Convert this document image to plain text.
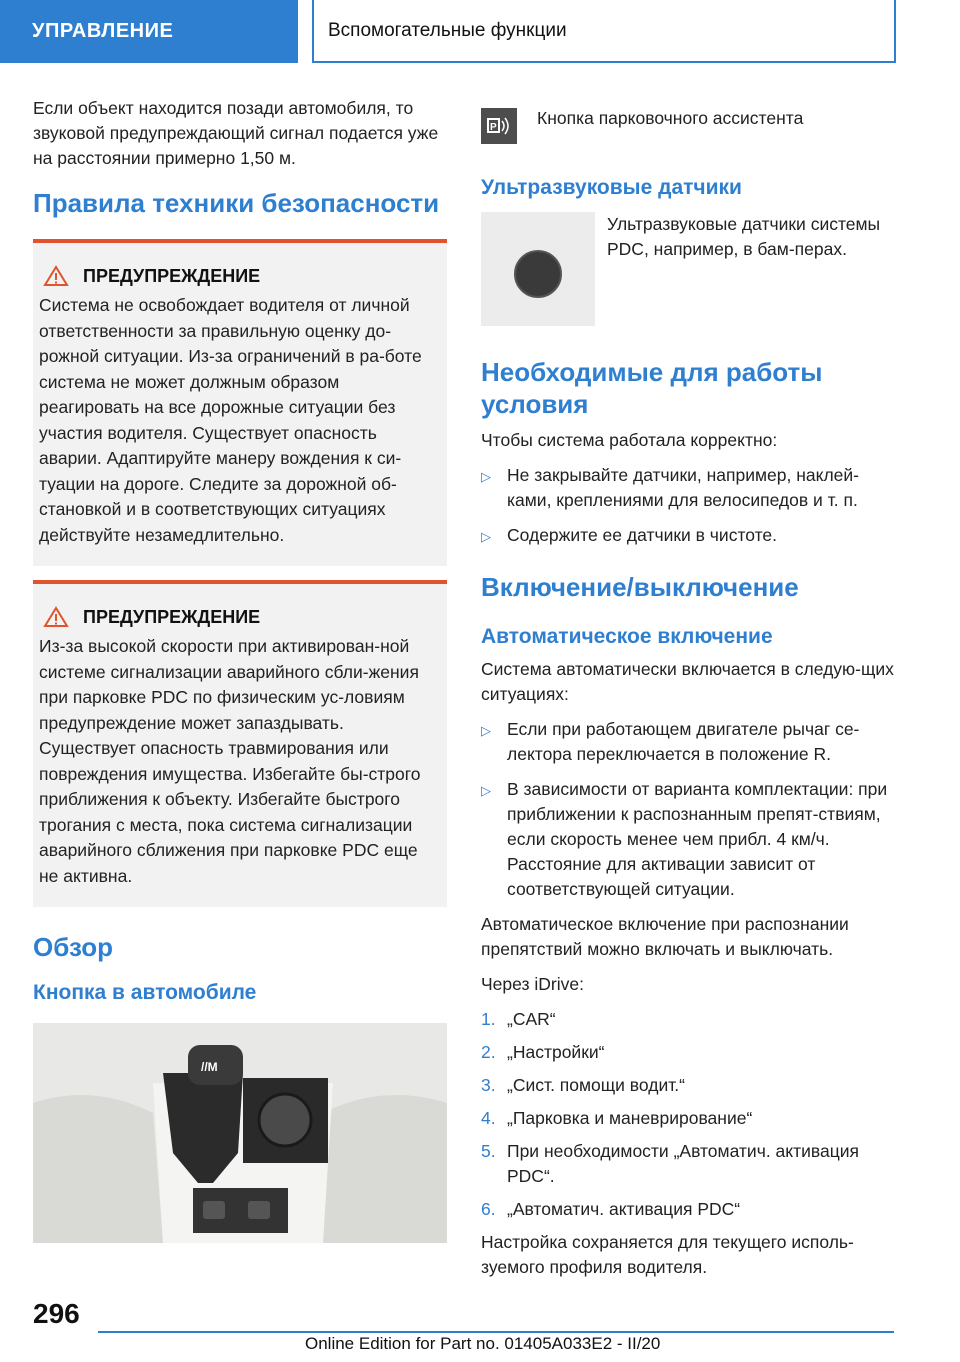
УПРАВЛЕНИЕ	Вспомогательные функции

Если объект находится позади автомобиля, то звуковой предупреждающий сигнал подается уже на расстоянии примерно 1,50 м.

Правила техники безопасности
ПРЕДУПРЕЖДЕНИЕ

Система не освобождает водителя от личной ответственности за правильную оценку до-рожной ситуации. Из-за ограничений в ра-боте система не может должным образом реагировать на все дорожные ситуации без участия водителя. Существует опасность аварии. Адаптируйте манеру вождения к си-туации на дороге. Следите за дорожной об-становкой и в соответствующих ситуациях действуйте незамедлительно.

ПРЕДУПРЕЖДЕНИЕ

Из-за высокой скорости при активирован-ной системе сигнализации аварийного сбли-жения при парковке PDC по физическим ус-ловиям предупреждение может запаздывать. Существует опасность травмирования или повреждения имущества. Избегайте бы-строго приближения к объекту. Избегайте быстрого трогания с места, пока система сигнализации аварийного сближения при парковке PDC еще не активна.

Обзор
Кнопка в автомобиле
//M
P Кнопка парковочного ассистента

Ультразвуковые датчики

Ультразвуковые датчики системы PDC, например, в бам-перах.

Необходимые для работы условия

Чтобы система работала корректно:

▷ Не закрывайте датчики, например, наклей-ками, креплениями для велосипедов и т. п.
▷ Содержите ее датчики в чистоте.
Включение/выключение
Автоматическое включение

Система автоматически включается в следую-щих ситуациях:

▷ Если при работающем двигателе рычаг се-лектора переключается в положение R.
▷ В зависимости от варианта комплектации: при приближении к распознанным препят-ствиям, если скорость менее чем прибл. 4 км/ч. Расстояние для активации зависит от соответствующей ситуации.

Автоматическое включение при распознании препятствий можно включать и выключать.

Через iDrive:

1. „CAR“
2. „Настройки“
3. „Сист. помощи водит.“
4. „Парковка и маневрирование“
5. При необходимости „Автоматич. активация PDC“.
6. „Автоматич. активация PDC“

Настройка сохраняется для текущего исполь-зуемого профиля водителя.

296
Online Edition for Part no. 01405A033E2 - II/20
